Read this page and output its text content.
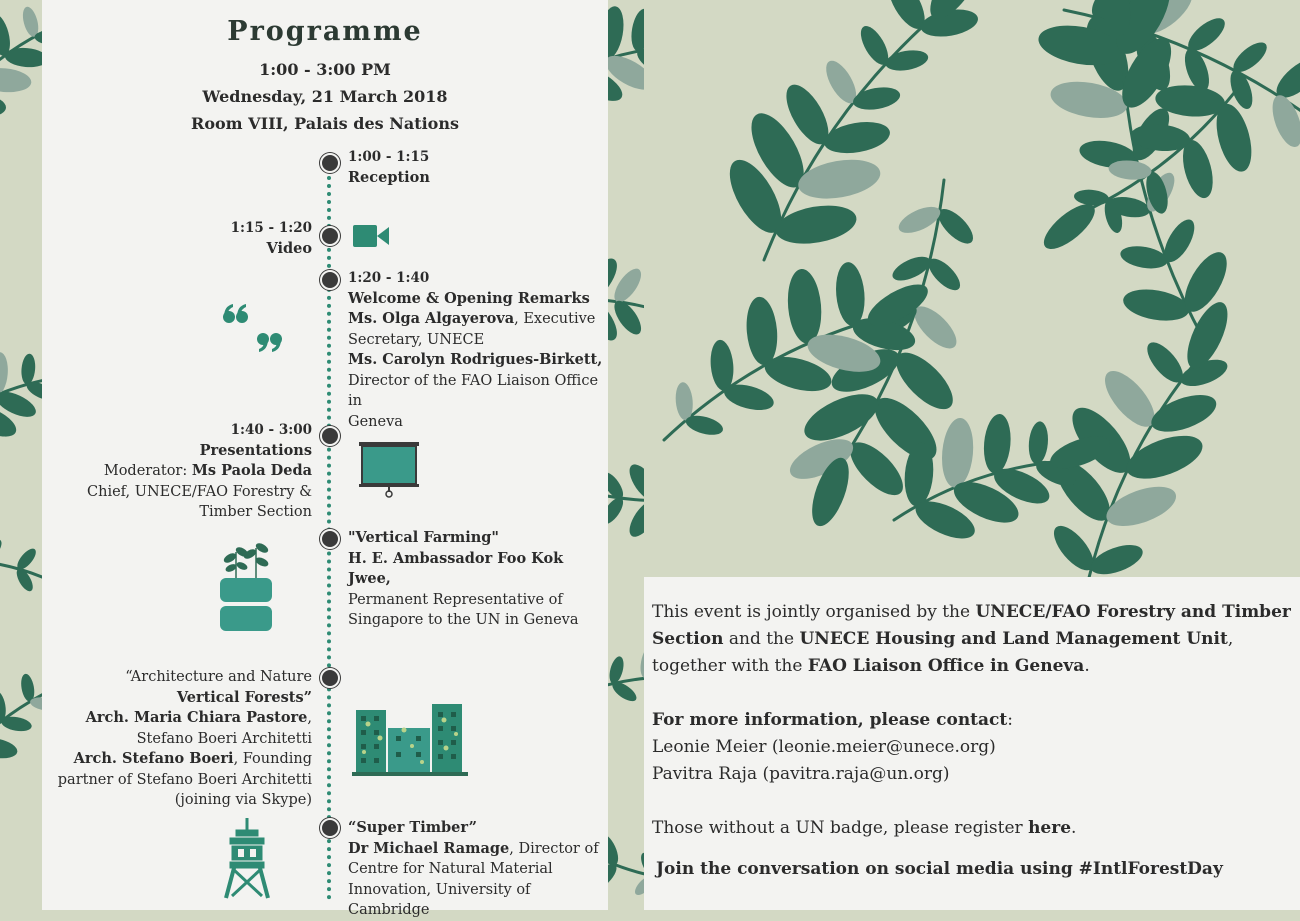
Programme
1:00 - 3:00 PM
Wednesday, 21 March 2018
Room VIII, Palais des Nations
1:00 - 1:15
Reception
1:15 - 1:20
Video
1:20 - 1:40
Welcome & Opening Remarks
Ms. Olga Algayerova, Executive
Secretary, UNECE
Ms. Carolyn Rodrigues-Birkett,
Director of the FAO Liaison Office in
Geneva
1:40 - 3:00
Presentations
Moderator: Ms Paola Deda
Chief, UNECE/FAO Forestry &
Timber Section
"Vertical Farming"
H. E. Ambassador Foo Kok Jwee,
Permanent Representative of
Singapore to the UN in Geneva
“Architecture and Nature
Vertical Forests”
Arch. Maria Chiara Pastore,
Stefano Boeri Architetti
Arch. Stefano Boeri, Founding
partner of Stefano Boeri Architetti
(joining via Skype)
“Super Timber”
Dr Michael Ramage, Director of
Centre for Natural Material
Innovation, University of Cambridge

This event is jointly organised by the UNECE/FAO Forestry and Timber Section and the UNECE Housing and Land Management Unit, together with the FAO Liaison Office in Geneva.

For more information, please contact:

Leonie Meier (leonie.meier@unece.org)

Pavitra Raja (pavitra.raja@un.org)

Those without a UN badge, please register here.

Join the conversation on social media using #IntlForestDay
